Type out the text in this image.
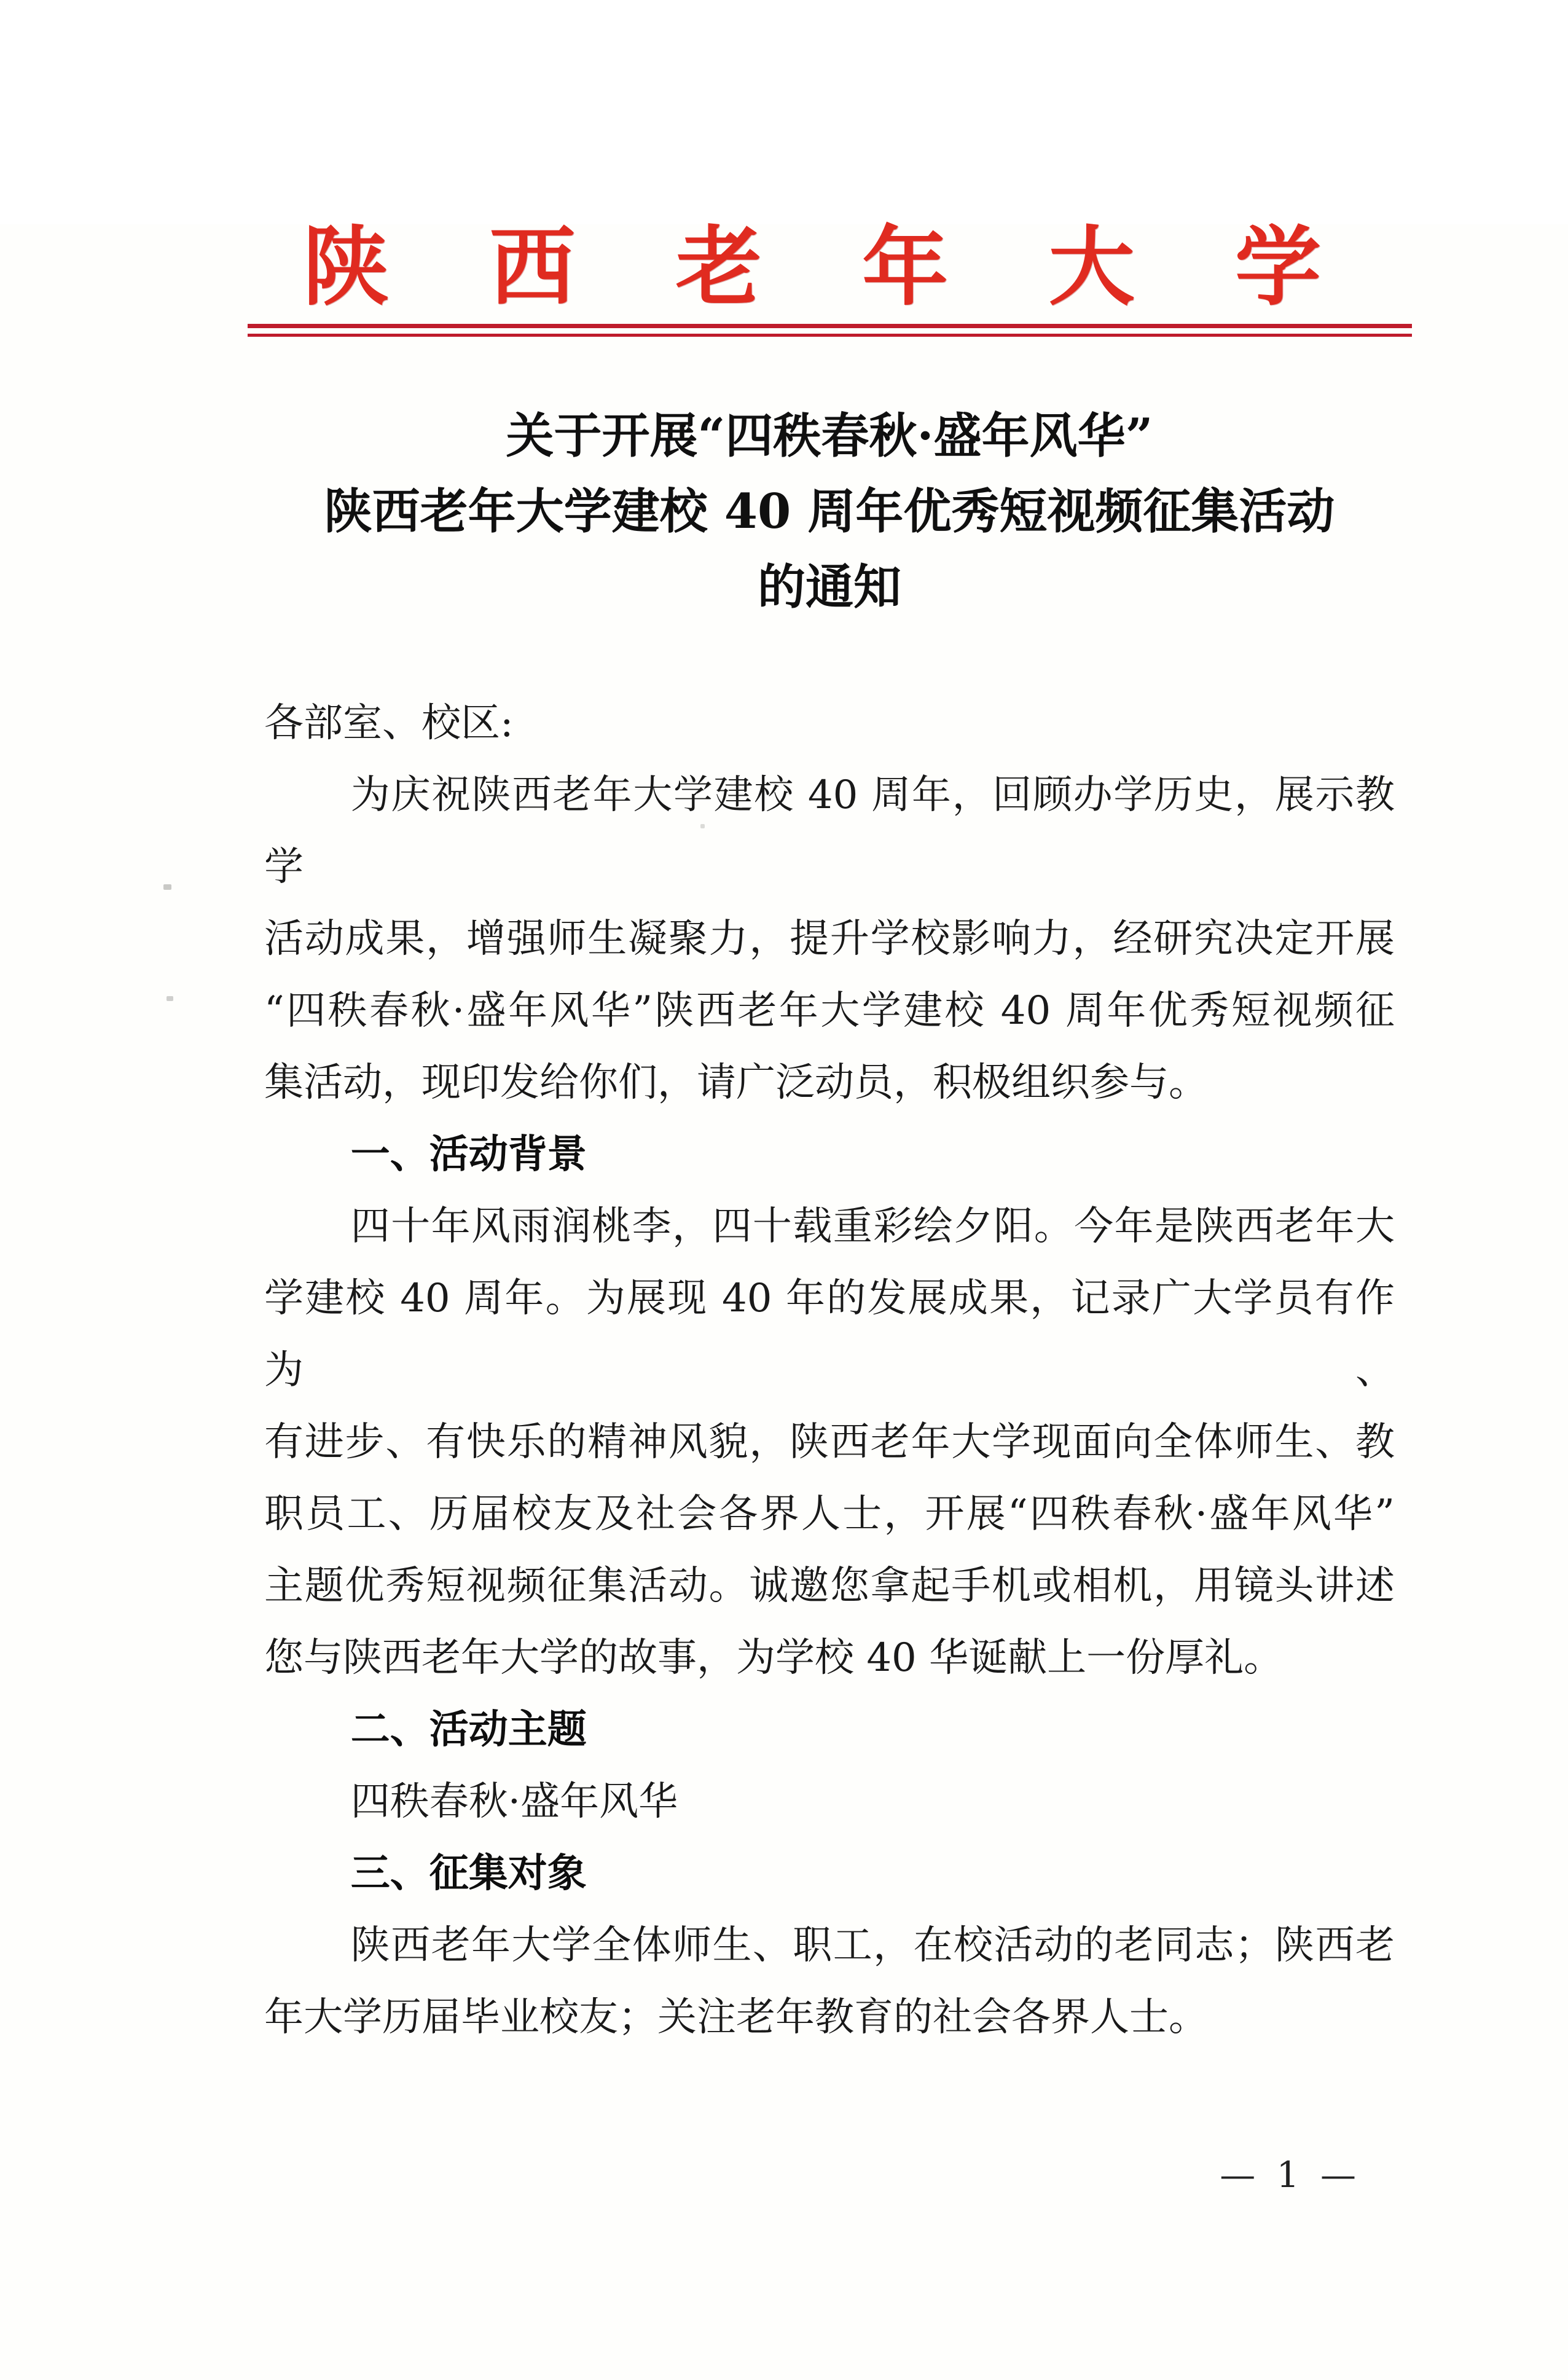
陕 西 老 年 大 学
关于开展“四秩春秋·盛年风华”
陕西老年大学建校 40 周年优秀短视频征集活动
的通知
各部室、校区:
为庆祝陕西老年大学建校 40 周年，回顾办学历史，展示教学
活动成果，增强师生凝聚力，提升学校影响力，经研究决定开展
“四秩春秋·盛年风华”陕西老年大学建校 40 周年优秀短视频征
集活动，现印发给你们，请广泛动员，积极组织参与。
一、活动背景
四十年风雨润桃李，四十载重彩绘夕阳。今年是陕西老年大
学建校 40 周年。为展现 40 年的发展成果，记录广大学员有作为、
有进步、有快乐的精神风貌，陕西老年大学现面向全体师生、教
职员工、历届校友及社会各界人士，开展“四秩春秋·盛年风华”
主题优秀短视频征集活动。诚邀您拿起手机或相机，用镜头讲述
您与陕西老年大学的故事，为学校 40 华诞献上一份厚礼。
二、活动主题
四秩春秋·盛年风华
三、征集对象
陕西老年大学全体师生、职工，在校活动的老同志；陕西老
年大学历届毕业校友；关注老年教育的社会各界人士。
— 1 —
